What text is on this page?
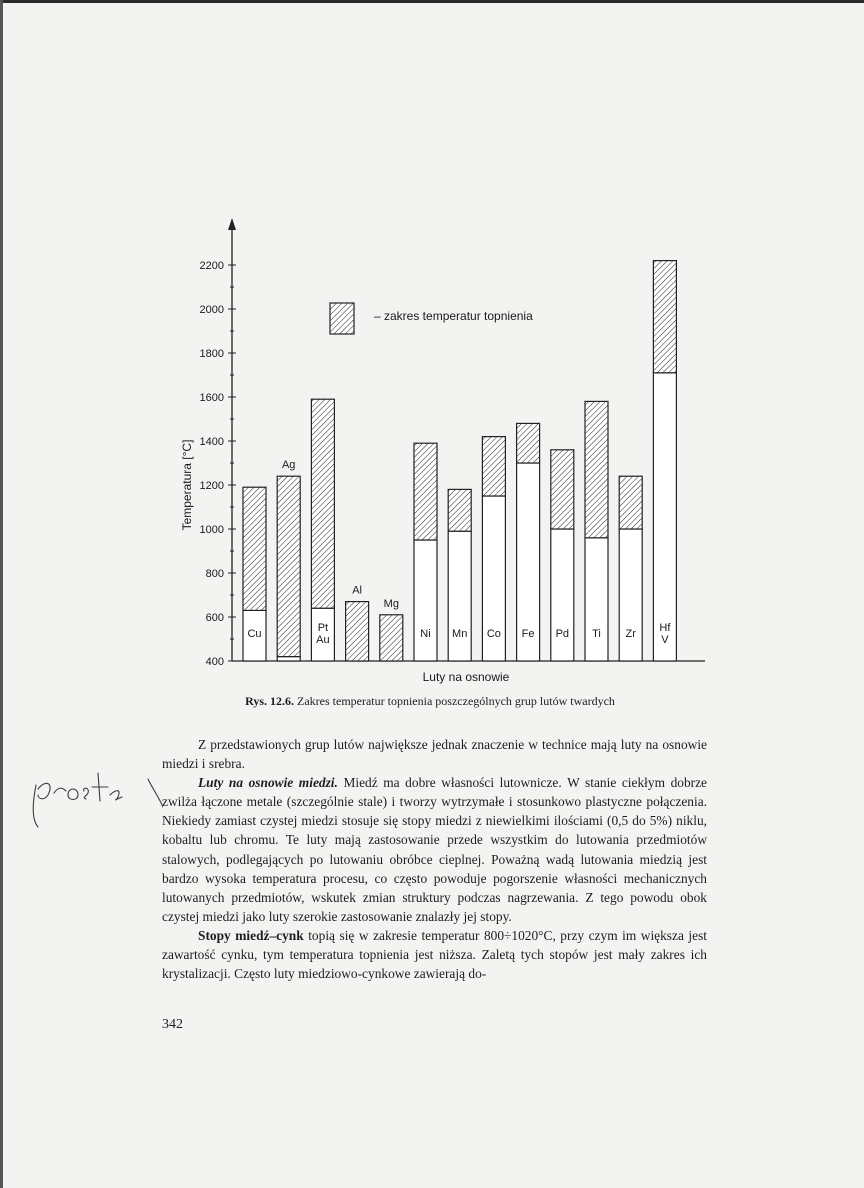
400
600
800
1000
1200
1400
1600
1800
2000
2200
Temperatura [°C]
Luty na osnowie
Cu
Ag
Pt
Au
Al
Mg
Ni Mn Co Fe Pd Ti Zr Hf
V
– zakres temperatur topnienia
Rys. 12.6. Zakres temperatur topnienia poszczególnych grup lutów twardych

Z przedstawionych grup lutów największe jednak znaczenie w technice mają luty na osnowie miedzi i srebra.

Luty na osnowie miedzi. Miedź ma dobre własności lutownicze. W stanie ciekłym dobrze zwilża łączone metale (szczególnie stale) i tworzy wytrzymałe i stosunkowo plastyczne połączenia. Niekiedy zamiast czystej miedzi stosuje się stopy miedzi z niewielkimi ilościami (0,5 do 5%) niklu, kobaltu lub chromu. Te luty mają zastosowanie przede wszystkim do lutowania przedmiotów stalowych, podlegających po lutowaniu obróbce cieplnej. Poważną wadą lutowania miedzią jest bardzo wysoka temperatura procesu, co często powoduje pogorszenie własności mechanicznych lutowanych przedmiotów, wskutek zmian struktury podczas nagrzewania. Z tego powodu obok czystej miedzi jako luty szerokie zastosowanie znalazły jej stopy.

Stopy miedź–cynk topią się w zakresie temperatur 800÷1020°C, przy czym im większa jest zawartość cynku, tym temperatura topnienia jest niższa. Zaletą tych stopów jest mały zakres ich krystalizacji. Często luty miedziowo-cynkowe zawierają do-

342
